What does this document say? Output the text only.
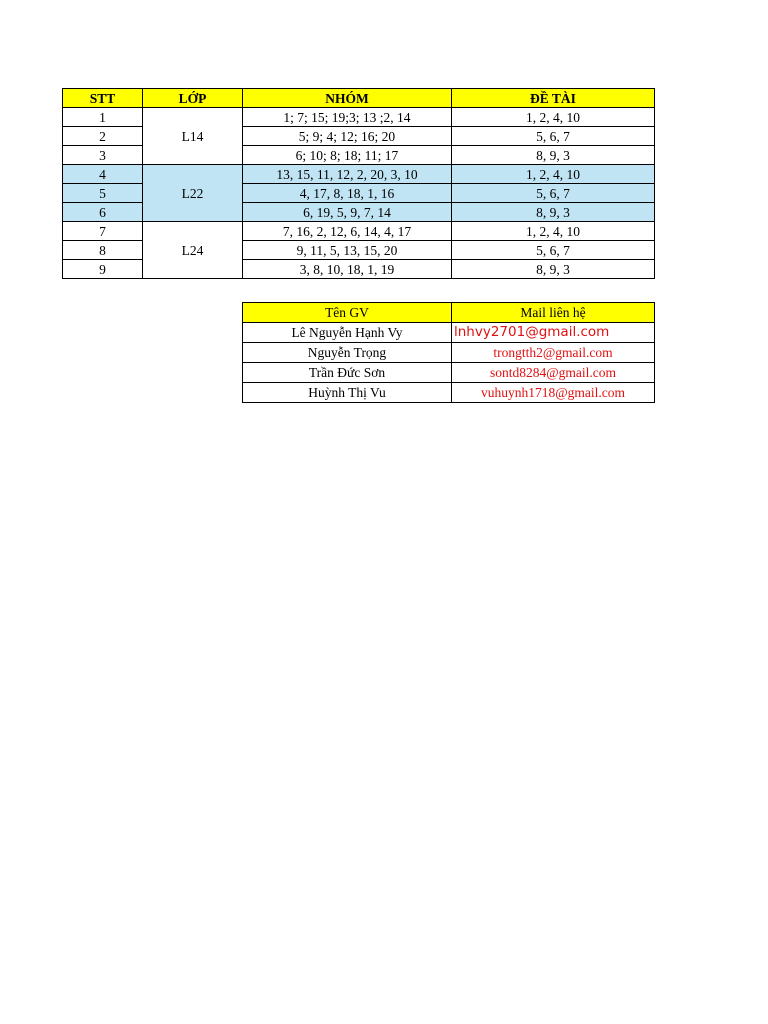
STT	LỚP	NHÓM	ĐỀ TÀI
1	L14	1; 7; 15; 19;3; 13 ;2, 14	1, 2, 4, 10
2		5; 9; 4; 12; 16; 20	5, 6, 7
3		6; 10; 8; 18; 11; 17	8, 9, 3
4	L22	13, 15, 11, 12, 2, 20, 3, 10	1, 2, 4, 10
5		4, 17, 8, 18, 1, 16	5, 6, 7
6		6, 19, 5, 9, 7, 14	8, 9, 3
7	L24	7, 16, 2, 12, 6, 14, 4, 17	1, 2, 4, 10
8		9, 11, 5, 13, 15, 20	5, 6, 7
9		3, 8, 10, 18, 1, 19	8, 9, 3
Tên GV	Mail liên hệ
Lê Nguyễn Hạnh Vy	lnhvy2701@gmail.com
Nguyễn Trọng	trongtth2@gmail.com
Trần Đức Sơn	sontd8284@gmail.com
Huỳnh Thị Vu	vuhuynh1718@gmail.com
